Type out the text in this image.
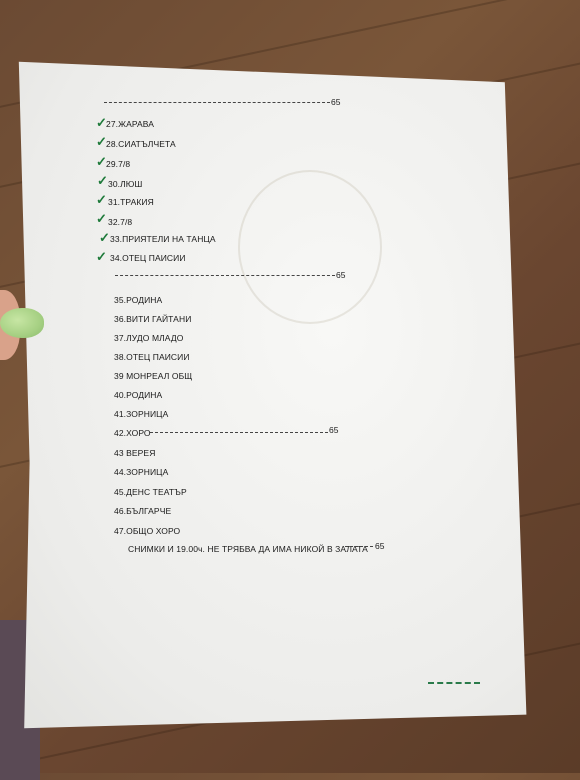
65
✓ 27.ЖАРАВА
✓ 28.СИАТЪЛЧЕТА
✓ 29.7/8
✓ 30.ЛЮШ
✓ 31.ТРАКИЯ
✓ 32.7/8
✓ 33.ПРИЯТЕЛИ НА ТАНЦА
✓ 34.ОТЕЦ ПАИСИИ
65
35.РОДИНА
36.ВИТИ ГАЙТАНИ
37.ЛУДО МЛАДО
38.ОТЕЦ ПАИСИИ
39 МОНРЕАЛ ОБЩ
40.РОДИНА
41.ЗОРНИЦА
42.ХОРО	65
43 ВЕРЕЯ
44.ЗОРНИЦА
45.ДЕНС ТЕАТЪР
46.БЪЛГАРЧЕ
47.ОБЩО ХОРО
СНИМКИ И 19.00ч. НЕ ТРЯБВА ДА ИМА НИКОЙ В ЗАЛАТА 65
